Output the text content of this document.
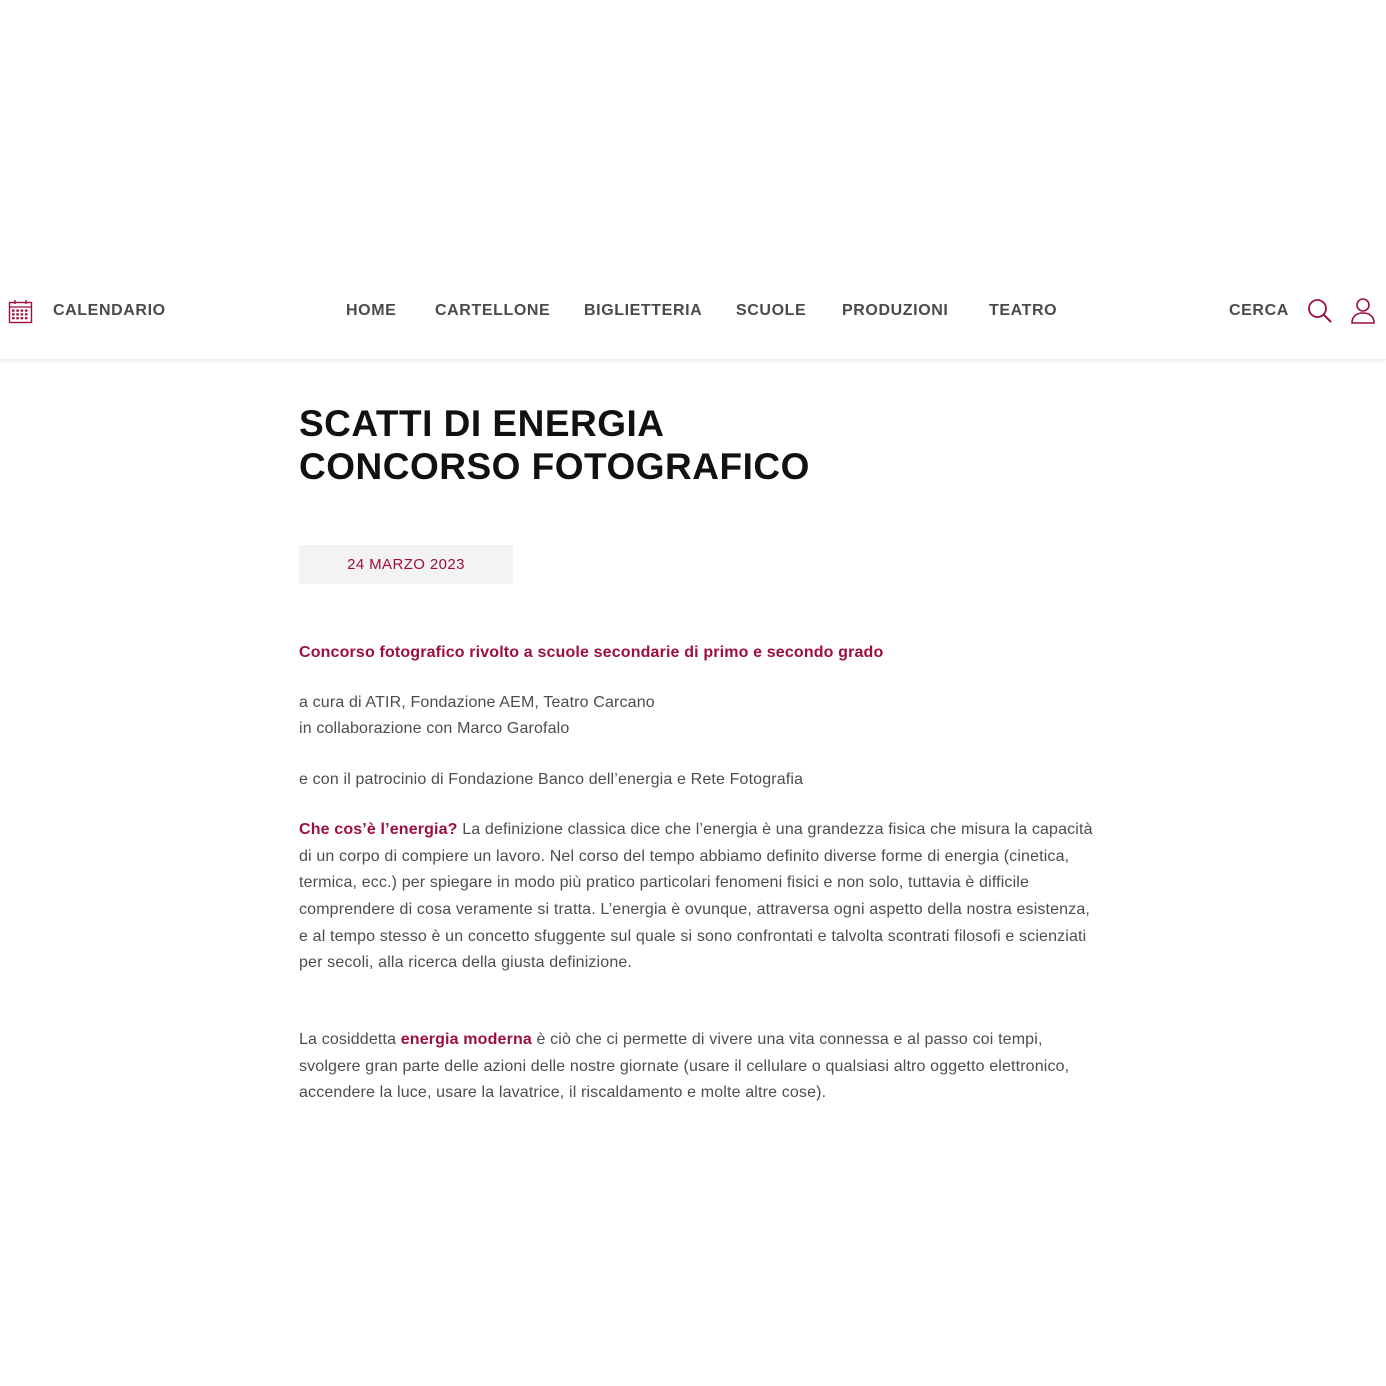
CALENDARIO	HOME CARTELLONE BIGLIETTERIA SCUOLE PRODUZIONI	TEATRO	CERCA
SCATTI DI ENERGIA
CONCORSO FOTOGRAFICO
24 MARZO 2023

Concorso fotografico rivolto a scuole secondarie di primo e secondo grado

a cura di ATIR, Fondazione AEM, Teatro Carcano
in collaborazione con Marco Garofalo

e con il patrocinio di Fondazione Banco dell’energia e Rete Fotografia

Che cos’è l’energia? La definizione classica dice che l’energia è una grandezza fisica che misura la capacità di un corpo di compiere un lavoro. Nel corso del tempo abbiamo definito diverse forme di energia (cinetica, termica, ecc.) per spiegare in modo più pratico particolari fenomeni fisici e non solo, tuttavia è difficile comprendere di cosa veramente si tratta. L’energia è ovunque, attraversa ogni aspetto della nostra esistenza, e al tempo stesso è un concetto sfuggente sul quale si sono confrontati e talvolta scontrati filosofi e scienziati per secoli, alla ricerca della giusta definizione.

La cosiddetta energia moderna è ciò che ci permette di vivere una vita connessa e al passo coi tempi, svolgere gran parte delle azioni delle nostre giornate (usare il cellulare o qualsiasi altro oggetto elettronico, accendere la luce, usare la lavatrice, il riscaldamento e molte altre cose).
